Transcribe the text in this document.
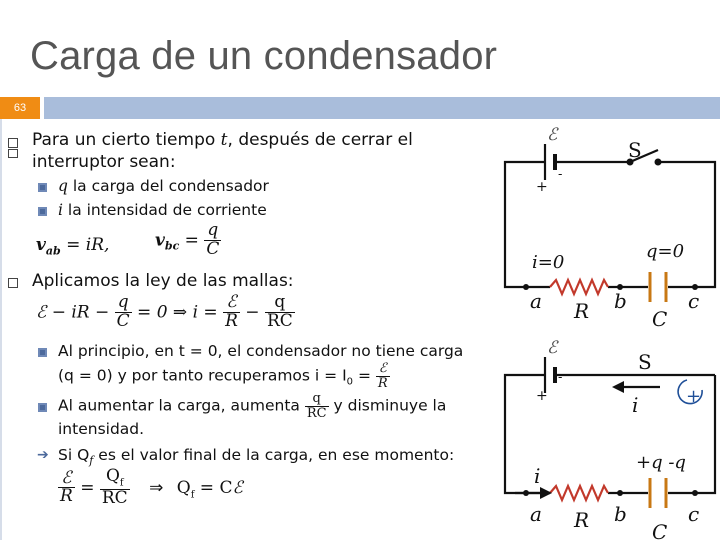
Carga de un condensador
63
Para un cierto tiempo t, después de cerrar el
interruptor sean:
q la carga del condensador
i la intensidad de corriente
$v_{ab}$ = iR,	$v_{bc} = \frac{q}{C}$
Aplicamos la ley de las mallas:
ℰ − iR − $\frac{q}{C} = 0$ ⇒ $i = \frac{\text{ℰ}}{R} - \frac{q}{RC}$
Al principio, en t = 0, el condensador no tiene carga
(q = 0) y por tanto recuperamos $i = I_0 = \frac{\text{ℰ}}{R}$
Al aumentar la carga, aumenta $\frac{q}{RC}$ y disminuye la
intensidad.
➔ Si $Q_f$ es el valor final de la carga, en ese momento:
$\frac{\text{ℰ}}{R} = \frac{Q_f}{RC}$ ⇒ $Q_f$ = Cℰ
ℰ
-
+
S
i=0
q=0
a	b	c
R	C
ℰ
-
+
S
i	+
i
+q -q
a	b	c
R	C
